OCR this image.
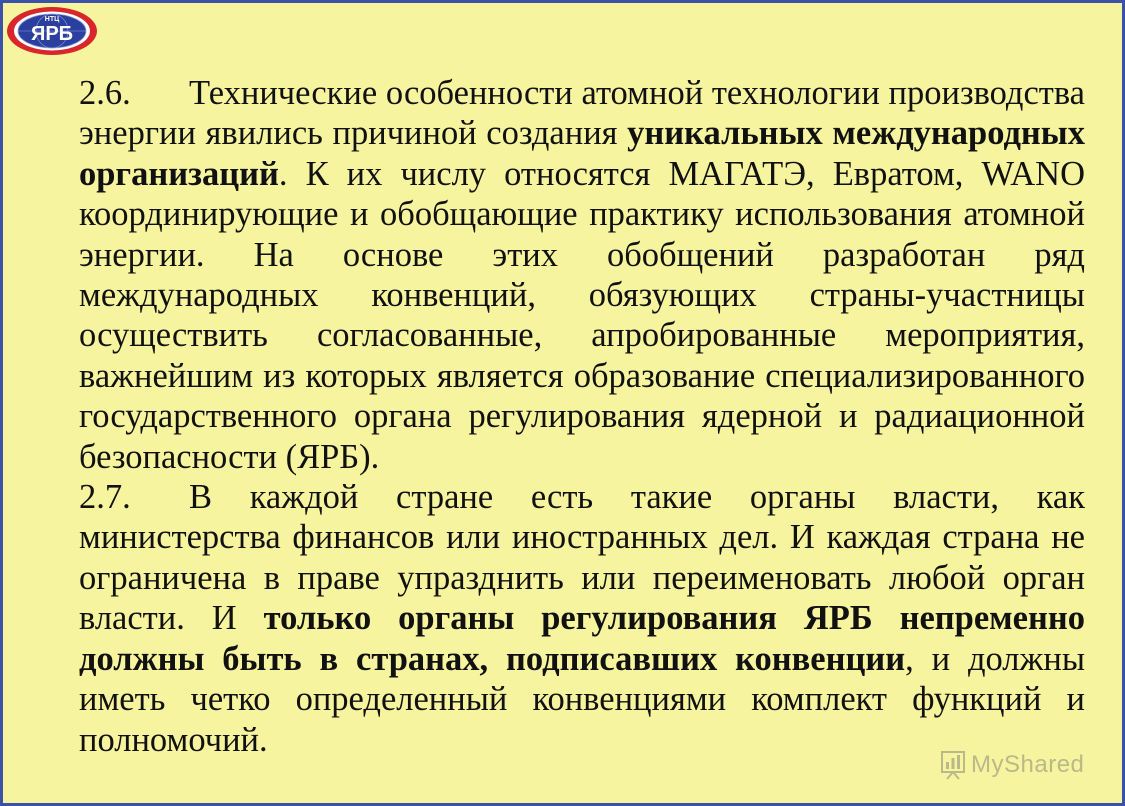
НТЦ
ЯРБ

2.6. Технические особенности атомной технологии производства энергии явились причиной создания уникальных международных организаций. К их числу относятся МАГАТЭ, Евратом, WANO координирующие и обобщающие практику использования атомной энергии. На основе этих обобщений разработан ряд международных конвенций, обязующих страны-участницы осуществить согласованные, апробированные мероприятия, важнейшим из которых является образование специализированного государственного органа регулирования ядерной и радиационной безопасности (ЯРБ).

2.7. В каждой стране есть такие органы власти, как министерства финансов или иностранных дел. И каждая страна не ограничена в праве упразднить или переименовать любой орган власти. И только органы регулирования ЯРБ непременно должны быть в странах, подписавших конвенции, и должны иметь четко определенный конвенциями комплект функций и полномочий.

MyShared
